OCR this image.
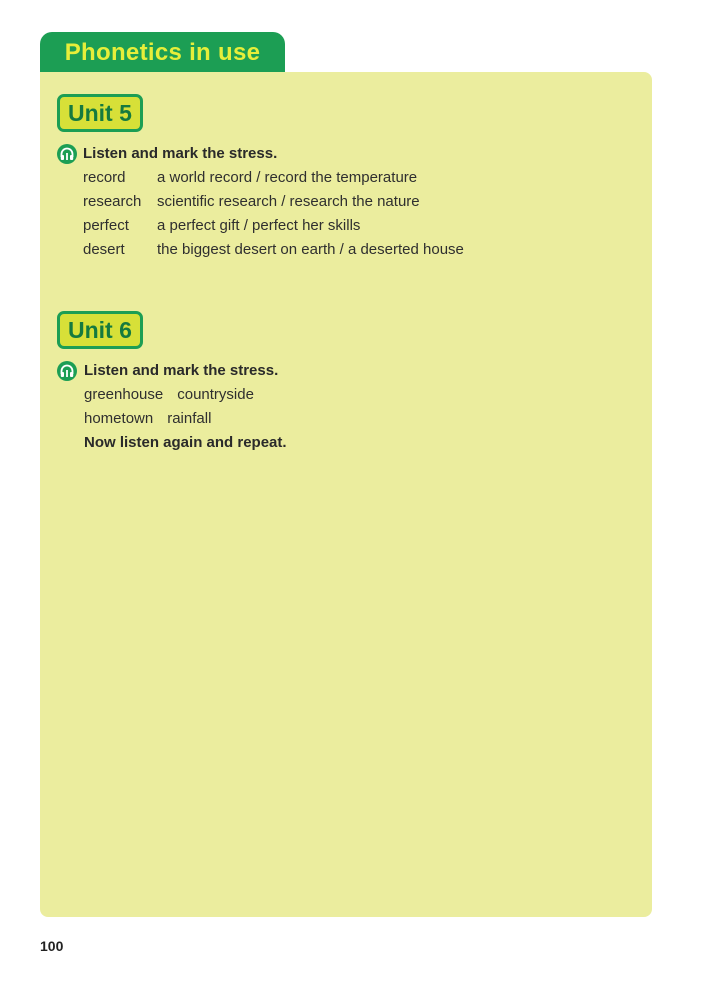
Phonetics in use
Unit 5
Listen and mark the stress.
record a world record / record the temperature
research scientific research / research the nature
perfect a perfect gift / perfect her skills
desert the biggest desert on earth / a deserted house
Unit 6
Listen and mark the stress.
greenhouse countryside
hometown rainfall
Now listen again and repeat.
100
